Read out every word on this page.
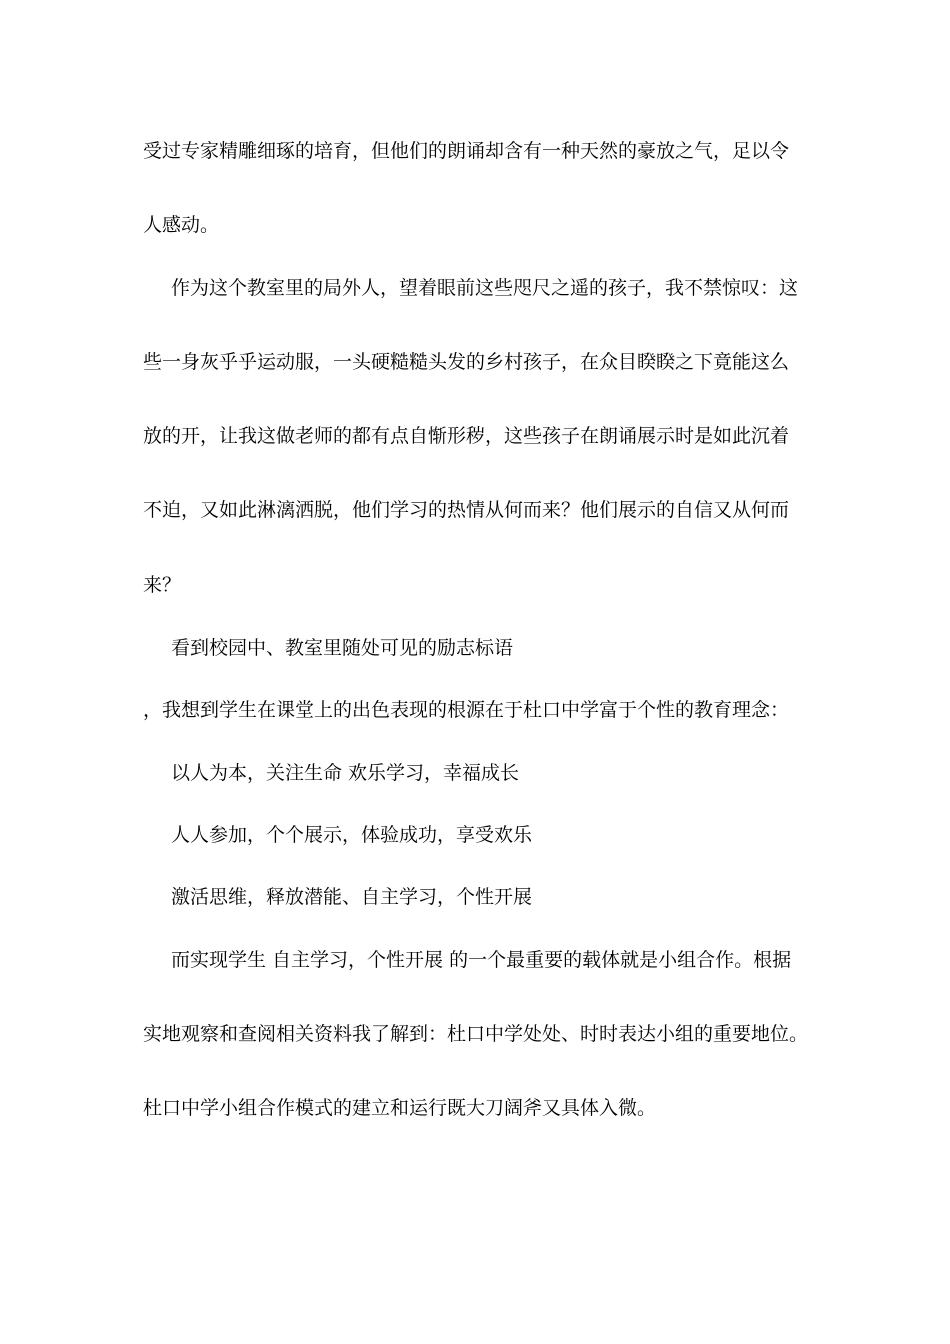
受过专家精雕细琢的培育，但他们的朗诵却含有一种天然的豪放之气，足以令
人感动。
作为这个教室里的局外人，望着眼前这些咫尺之遥的孩子，我不禁惊叹：这
些一身灰乎乎运动服，一头硬糙糙头发的乡村孩子，在众目睽睽之下竟能这么
放的开，让我这做老师的都有点自惭形秽，这些孩子在朗诵展示时是如此沉着
不迫，又如此淋漓洒脱，他们学习的热情从何而来？他们展示的自信又从何而
来？
看到校园中、教室里随处可见的励志标语
，我想到学生在课堂上的出色表现的根源在于杜口中学富于个性的教育理念：
以人为本，关注生命 欢乐学习，幸福成长
人人参加，个个展示，体验成功，享受欢乐
激活思维，释放潜能、自主学习，个性开展
而实现学生 自主学习，个性开展 的一个最重要的载体就是小组合作。根据
实地观察和查阅相关资料我了解到：杜口中学处处、时时表达小组的重要地位。
杜口中学小组合作模式的建立和运行既大刀阔斧又具体入微。
